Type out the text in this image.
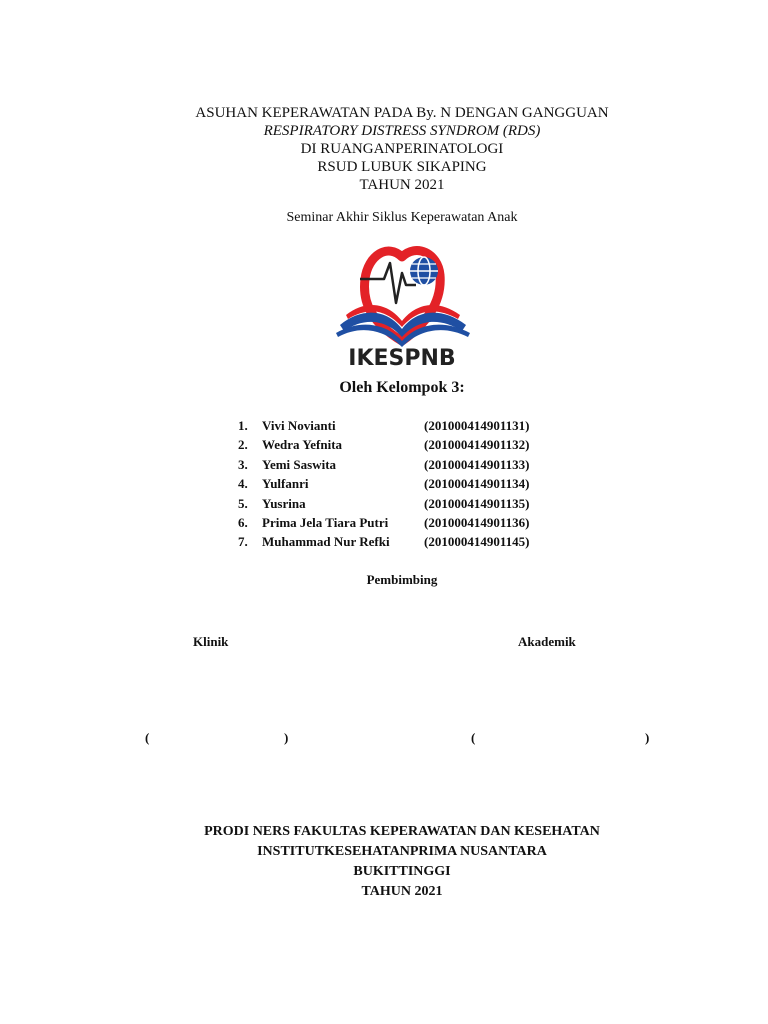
ASUHAN KEPERAWATAN PADA By. N DENGAN GANGGUAN
RESPIRATORY DISTRESS SYNDROM (RDS)
DI RUANGANPERINATOLOGI
RSUD LUBUK SIKAPING
TAHUN 2021
Seminar Akhir Siklus Keperawatan Anak
IKESPNB
Oleh Kelompok 3:
1.	Vivi Novianti	(201000414901131)
2.	Wedra Yefnita	(201000414901132)
3.	Yemi Saswita	(201000414901133)
4.	Yulfanri	(201000414901134)
5.	Yusrina	(201000414901135)
6.	Prima Jela Tiara Putri	(201000414901136)
7.	Muhammad Nur Refki	(201000414901145)
Pembimbing
Klinik	Akademik
(	)	(	)
PRODI NERS FAKULTAS KEPERAWATAN DAN KESEHATAN
INSTITUTKESEHATANPRIMA NUSANTARA
BUKITTINGGI
TAHUN 2021
